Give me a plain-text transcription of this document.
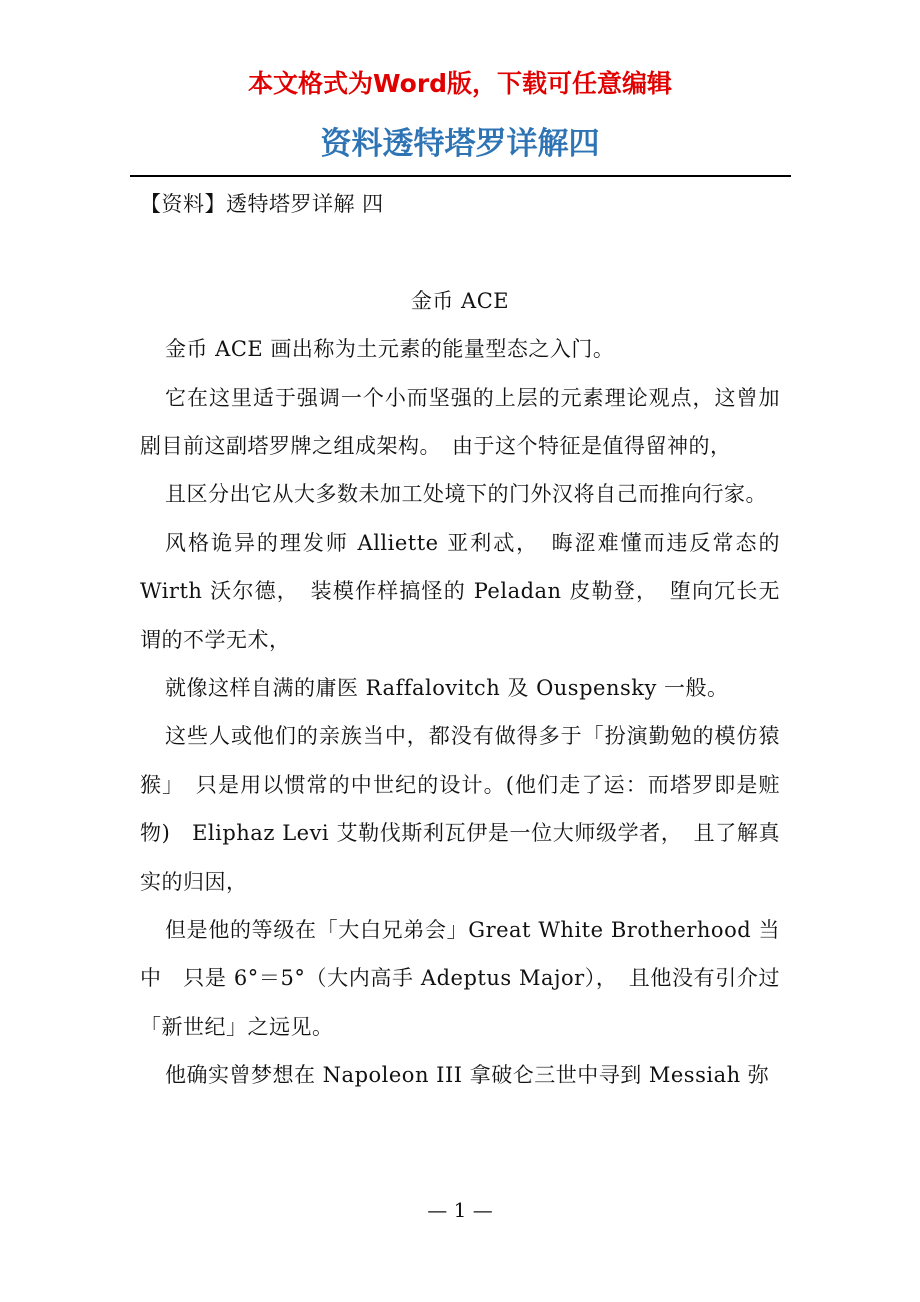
本文格式为Word版，下载可任意编辑
资料透特塔罗详解四

【资料】透特塔罗详解 四

金币 ACE

金币 ACE 画出称为土元素的能量型态之入门。

它在这里适于强调一个小而坚强的上层的元素理论观点，这曾加剧目前这副塔罗牌之组成架构。　由于这个特征是值得留神的，

且区分出它从大多数未加工处境下的门外汉将自己而推向行家。

风格诡异的理发师 Alliette 亚利忒，　晦涩难懂而违反常态的 Wirth 沃尔德，　装模作样搞怪的 Peladan 皮勒登，　堕向冗长无谓的不学无术，

就像这样自满的庸医 Raffalovitch 及 Ouspensky 一般。

这些人或他们的亲族当中，都没有做得多于「扮演勤勉的模仿猿猴」　只是用以惯常的中世纪的设计。(他们走了运：而塔罗即是赃物)　Eliphaz Levi 艾勒伐斯利瓦伊是一位大师级学者，　且了解真实的归因，

但是他的等级在「大白兄弟会」Great White Brotherhood 当中　只是 6°＝5°（大内高手 Adeptus Major），　且他没有引介过「新世纪」之远见。

他确实曾梦想在 Napoleon III 拿破仑三世中寻到 Messiah 弥

— 1 —
